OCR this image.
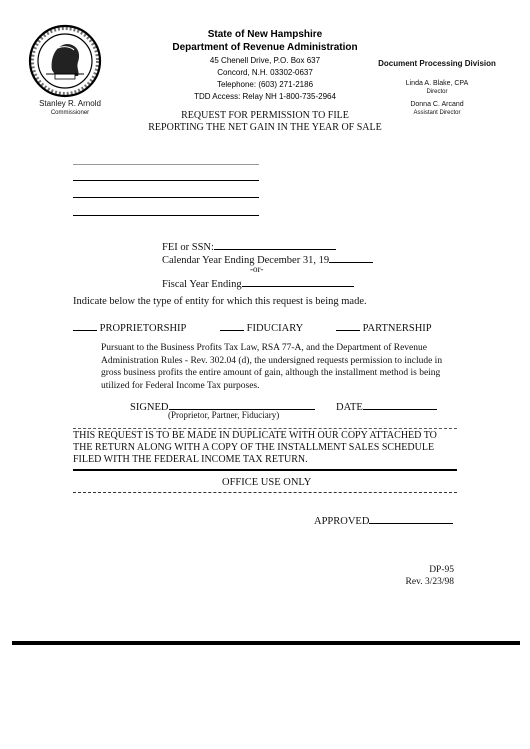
State of New Hampshire
Department of Revenue Administration
45 Chenell Drive, P.O. Box 637
Concord, N.H. 03302-0637
Telephone: (603) 271-2186
TDD Access: Relay NH 1-800-735-2964
Stanley R. Arnold
Commissioner
Document Processing Division
Linda A. Blake, CPA
Director
Donna C. Arcand
Assistant Director
REQUEST FOR PERMISSION TO FILE
REPORTING THE NET GAIN IN THE YEAR OF SALE
FEI or SSN:
Calendar Year Ending December 31, 19
-or-
Fiscal Year Ending
Indicate below the type of entity for which this request is being made.
PROPRIETORSHIP	FIDUCIARY	PARTNERSHIP
Pursuant to the Business Profits Tax Law, RSA 77-A, and the Department of Revenue
Administration Rules - Rev. 302.04 (d), the undersigned requests permission to include in
gross business profits the entire amount of gain, although the installment method is being
utilized for Federal Income Tax purposes.
SIGNED
(Proprietor, Partner, Fiduciary)
DATE
THIS REQUEST IS TO BE MADE IN DUPLICATE WITH OUR COPY ATTACHED TO
THE RETURN ALONG WITH A COPY OF THE INSTALLMENT SALES SCHEDULE
FILED WITH THE FEDERAL INCOME TAX RETURN.
OFFICE USE ONLY
APPROVED
DP-95
Rev. 3/23/98
